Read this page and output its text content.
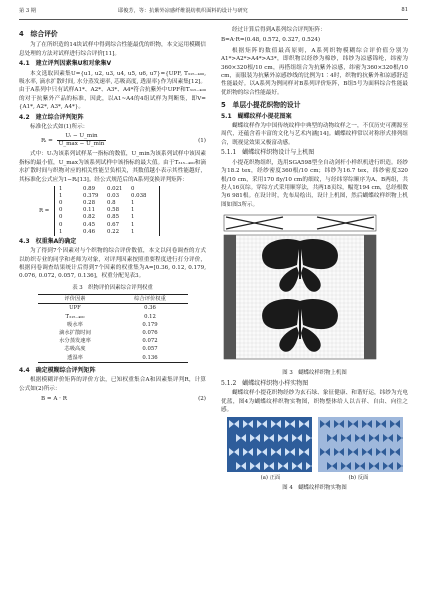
第 3 期	耶俊芳，等：抗紫外凉感纤维混纺机织面料的设计与研究	81
4　综合评价

为了在所织造的14块试样中得到综合性能最优的织物，本文运用模糊信息处理的方法对试样进行综合评价[11]。

4.1　建立评判因素集U和对象集V

本文选取因素集U={u1, u2, u3, u4, u5, u6, u7}={UPF, T₃₁₅₋₄₀₀, 吸水率, 滴水扩散时间, 水分蒸发速率, 芯吸高度, 透湿率}作为因素集[12]。由于A系列中只有试样A1*、A2*、A3*、A4*符合抗紫外中UPF和T₃₁₅₋₄₀₀的对于抗紫外产品的标准，因此，以A1~A4的4组试样为判断集，即V={A1*, A2*, A3*, A4*}。

4.2　建立综合评判矩阵

标准化公式如(1)所示：

Rᵢ = $\frac{\text{Uᵢ − U\_min}}{U\_\max - U\_\min}$	(1)

式中：Uᵢ为该系列试样某一指标的数值，U_min为该系列试样中该因素指标的最小值，U_max为该系列试样中该指标的最大值。由于T₃₁₅₋₄₀₀和滴水扩散时间与织物对应的相关性能呈负相关，其数值越小表示其性能越好，其标准化公式应为1−Rᵢ[13]。经公式规范后的A系列变换评判矩阵：

R =
1	0.89	0.021	0
1	0.379	0.03	0.038
0	0.28	0.8	1
0	0.11	0.58	1
0	0.82	0.85	1
0	0.45	0.67	1
1	0.46	0.22	1
4.3　权重集A的确定

为了得到7个因素对与个织物的综合评价数值，本文以问卷调查的方式以纺织专业的同学和老师为对象，对评判因素按照重要程度进行打分评价，根据问卷调查结果统计后得到7个因素的权重集为A=[0.36, 0.12, 0.179, 0.076, 0.072, 0.057, 0.136]，权重分配见表3。

表 3　织物评价因素综合评判权重
评价因素	综合评价权重
UPF	0.36
T₃₁₅₋₄₀₀	0.12
吸水率	0.179
滴水扩散时间	0.076
水分蒸发速率	0.072
芯吸高度	0.057
透湿率	0.136
4.4　确定模糊综合评判矩阵

根据模糊评价矩阵的评价方法，已知权重集合A和因素集评判R，计算公式如(2)所示：

B = A · R	(2)

经过计算后得到A系列综合评判矩阵：

B=A·R=(0.48, 0.572, 0.327, 0.524)

根据矩阵的数值最高原则，A系列织物模糊综合评价值分别为A1*>A2*>A4*>A3*，即织物以经纱为棉纱，纬纱为凉感锦纶，纬密为360×320根/10 cm，再搭组组合为抗紫外凉感，纬密为360×320根/10 cm，而服装为抗紫外凉感纱线的比例为1∶4时，织物的抗紫外和凉感舒适性能最好。以A系列为例同样对B系列评价矩阵，B组5号为面料综合性能最优织物的综合性能最好。

5　单层小提花织物的设计
5.1　蝴蝶纹样小提花图案

蝴蝶纹样作为中国传统纹样中典型的动物纹样之一，不仅历史可溯源至周代，还蕴含着丰富的文化与艺术内涵[14]。蝴蝶纹样常以对称形式排列组合，既视觉效果又极富动感。

5.1.1　蝴蝶纹样织物设计与上机图

小提花织物组织，选用SGA598型全自动剑杆小样织机进行织造。经纱为18.2 tex，经纱密度360根/10 cm；纬纱为16.7 tex，纬纱密度320根/10 cm，采用170 fly/10 cm的细纹，与经纬穿综顺序为A、B两组，共投人16页综。穿综方式采用顺穿法，共两18页综，幅宽194 cm，总经根数为6 981根。在设计时，先布局绘出，设计上机图，然后蝴蝶纹样织物上机图如图3所示。

图 3　蝴蝶纹样织物上机图
5.1.2　蝴蝶纹样织物小样实物图

蝴蝶纹样小提花织物经纱为玄石绿、象征健康、和谐好运，纬纱为充电优蓝，图4为蝴蝶纹样织物实物图，织物整体给人以吉祥、自由、向往之感。

(a) 正面	(b) 反面
图 4　蝴蝶纹样织物实物图
